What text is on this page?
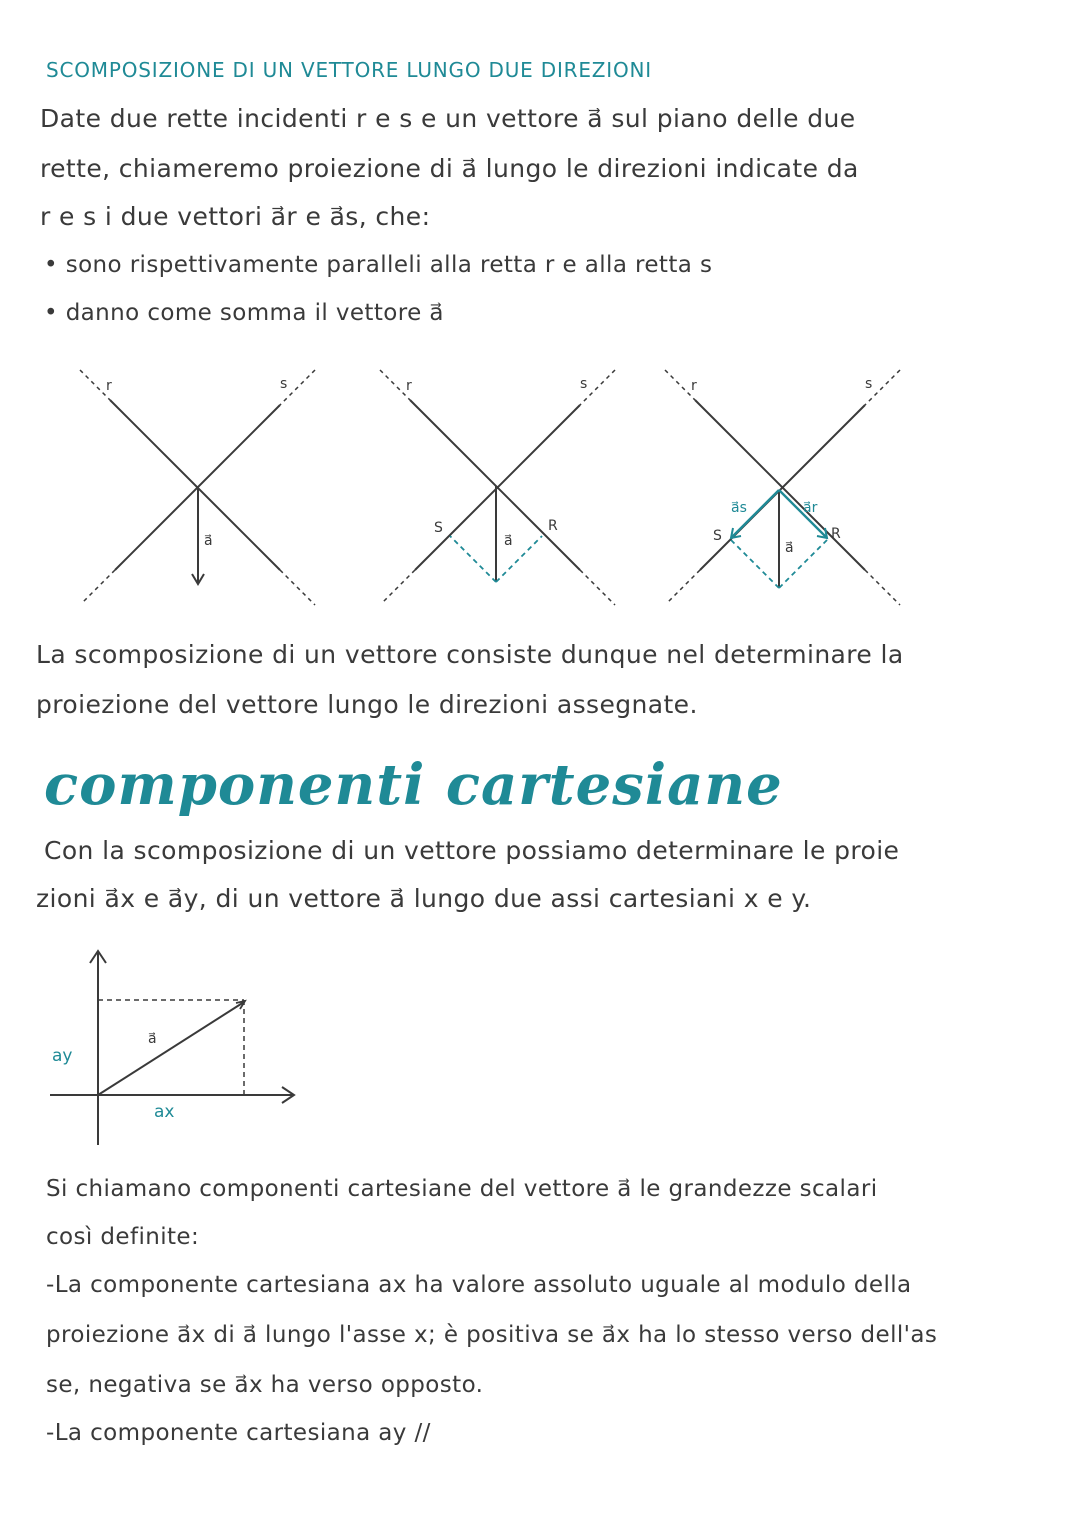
SCOMPOSIZIONE DI UN VETTORE LUNGO DUE DIREZIONI
Date due rette incidenti r e s e un vettore a⃗ sul piano delle due
rette, chiameremo proiezione di a⃗ lungo le direzioni indicate da
r e s i due vettori a⃗r e a⃗s, che:
• sono rispettivamente paralleli alla retta r e alla retta s
• danno come somma il vettore a⃗
r	s
a⃗
r	s
a⃗
S	R
r	s
a⃗
a⃗s	a⃗r
S	R
La scomposizione di un vettore consiste dunque nel determinare la
proiezione del vettore lungo le direzioni assegnate.
componenti cartesiane
Con la scomposizione di un vettore possiamo determinare le proie
zioni a⃗x e a⃗y, di un vettore a⃗ lungo due assi cartesiani x e y.
a⃗
ay
ax
Si chiamano componenti cartesiane del vettore a⃗ le grandezze scalari
così definite:
-La componente cartesiana ax ha valore assoluto uguale al modulo della
proiezione a⃗x di a⃗ lungo l'asse x; è positiva se a⃗x ha lo stesso verso dell'as
se, negativa se a⃗x ha verso opposto.
-La componente cartesiana ay //
